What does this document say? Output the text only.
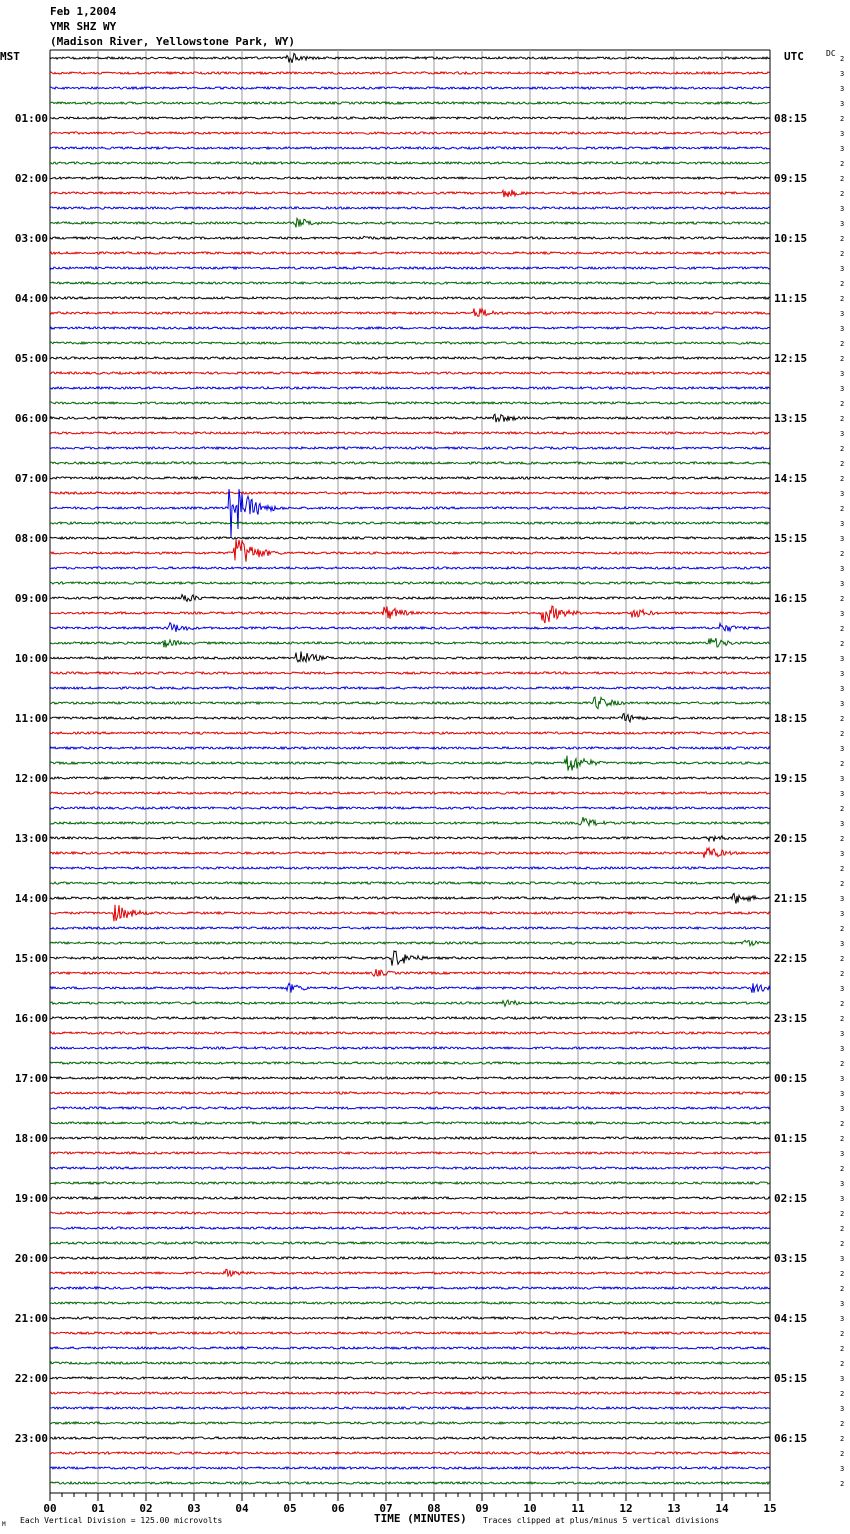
Feb 1,2004
YMR SHZ WY
(Madison River, Yellowstone Park, WY)
MST	UTC	DC
TIME (MINUTES)
Each Vertical Division = 125.00 microvolts	Traces clipped at plus/minus 5 vertical divisions
M
00	01	02	03	04	05	06	07	08	09	10	11	12	13	14	15
01:00	08:15
02:00	09:15
03:00	10:15
04:00	11:15
05:00	12:15
06:00	13:15
07:00	14:15
08:00	15:15
09:00	16:15
10:00	17:15
11:00	18:15
12:00	19:15
13:00	20:15
14:00	21:15
15:00	22:15
16:00	23:15
17:00	00:15
18:00	01:15
19:00	02:15
20:00	03:15
21:00	04:15
22:00	05:15
23:00	06:15
2
3
3
3
2
3
3
2
2
2
3
3
2
2
3
2
2
3
3
2
2
3
3
2
2
3
2
2
2
3
2
3
3
2
3
3
2
3
2
2
3
3
3
3
2
2
3
2
3
3
2
3
2
3
2
2
3
3
2
3
2
2
3
2
2
3
3
2
3
3
3
2
2
3
2
3
3
2
2
2
3
2
2
3
3
2
2
2
3
2
3
2
2
2
3
2
